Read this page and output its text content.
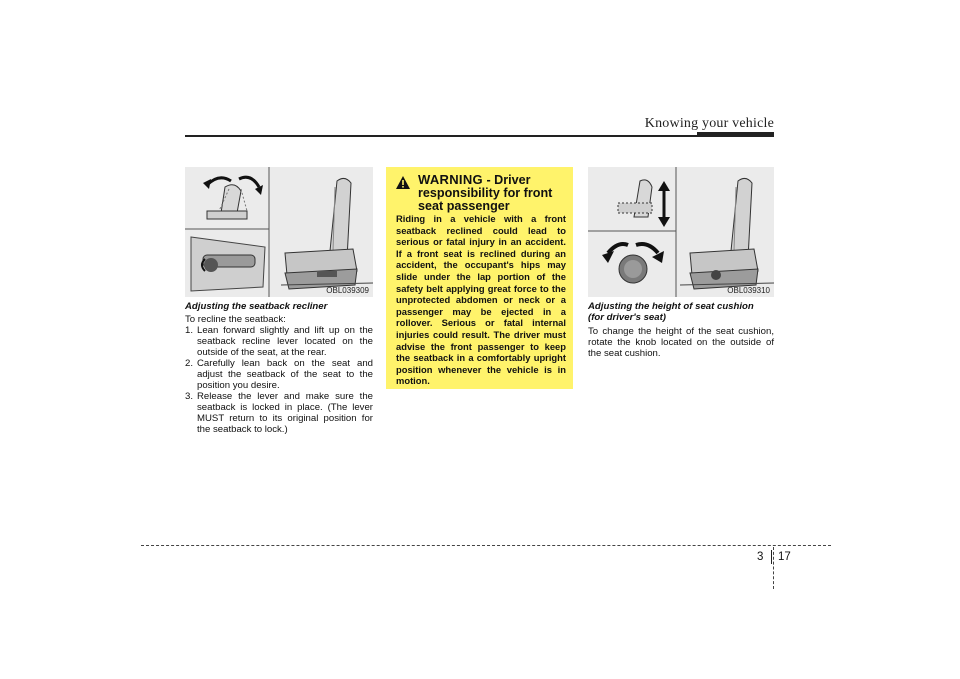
Knowing your vehicle
OBL039309
Adjusting the seatback recliner

To recline the seatback:

1. Lean forward slightly and lift up on the seatback recline lever located on the outside of the seat, at the rear.
2. Carefully lean back on the seat and adjust the seatback of the seat to the position you desire.
3. Release the lever and make sure the seatback is locked in place. (The lever MUST return to its original position for the seatback to lock.)
WARNING - Driver responsibility for front seat passenger
Riding in a vehicle with a front seatback reclined could lead to serious or fatal injury in an accident. If a front seat is reclined during an accident, the occupant's hips may slide under the lap portion of the safety belt applying great force to the unprotected abdomen or neck or a passenger may be ejected in a rollover. Serious or fatal internal injuries could result. The driver must advise the front passenger to keep the seatback in a comfortably upright position whenever the vehicle is in motion.
OBL039310
Adjusting the height of seat cushion
(for driver's seat)
To change the height of the seat cushion, rotate the knob located on the outside of the seat cushion.
3 17
